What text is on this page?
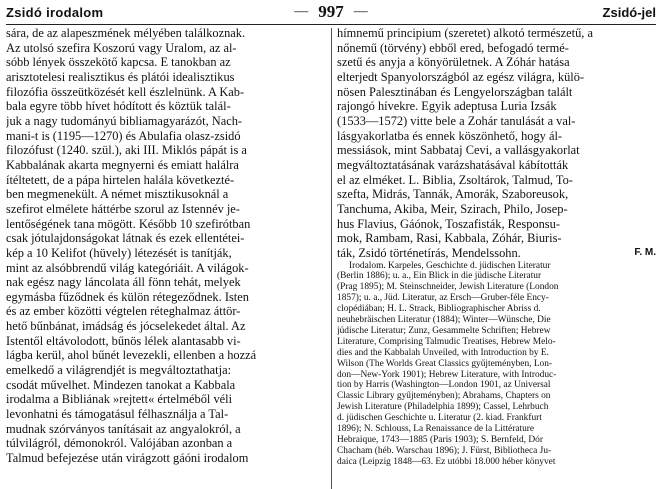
Zsidó irodalom	— 997 —	Zsidó-jel
sára, de az alapeszmének mélyében találkoznak.
Az utolsó szefira Koszorú vagy Uralom, az al-
sóbb lények összekötő kapcsa. E tanokban az
arisztotelesi realisztikus és plátói idealisztikus
filozófia összeütközését kell észlelnünk. A Kab-
bala egyre több hívet hódított és köztük talál-
juk a nagy tudományú bibliamagyarázót, Nach-
mani-t is (1195—1270) és Abulafia olasz-zsidó
filozófust (1240. szül.), aki III. Miklós pápát is a
Kabbalának akarta megnyerni és emiatt halálra
ítéltetett, de a pápa hirtelen halála következté-
ben megmenekült. A német misztikusoknál a
szefirot elmélete háttérbe szorul az Istennév je-
lentőségének tana mögött. Később 10 szefirótban
csak jótulajdonságokat látnak és ezek ellentétei-
kép a 10 Kelifot (hüvely) létezését is tanítják,
mint az alsóbbrendű világ kategóriáit. A világok-
nak egész nagy láncolata áll fönn tehát, melyek
egymásba fűződnek és külön rétegeződnek. Isten
és az ember közötti végtelen réteghalmaz áttör-
hető bűnbánat, imádság és jócselekedet által. Az
Istentől eltávolodott, bűnös lélek alantasabb vi-
lágba kerül, ahol bűnét levezekli, ellenben a hozzá
emelkedő a világrendjét is megváltoztathatja:
csodát művelhet. Mindezen tanokat a Kabbala
irodalma a Bibliának »rejtett« értelméből véli
levonhatni és támogatásul félhasználja a Tal-
mudnak szórványos tanításait az angyalokról, a
túlvilágról, démonokról. Valójában azonban a
Talmud befejezése után virágzott gáóni irodalom
hímnemű principium (szeretet) alkotó természetű, a
nőnemű (törvény) ebből ered, befogadó termé-
szetű és anyja a könyörületnek. A Zóhár hatása
elterjedt Spanyolországból az egész világra, külö-
nösen Palesztinában és Lengyelországban talált
rajongó hívekre. Egyik adeptusa Luria Izsák
(1533—1572) vitte bele a Zohár tanulását a val-
lásgyakorlatba és ennek köszönhető, hogy ál-
messiások, mint Sabbataj Cevi, a vallásgyakorlat
megváltoztatásának varázshatásával kábították
el az elméket. L. Biblia, Zsoltárok, Talmud, To-
szefta, Midrás, Tannák, Amorák, Szaboreusok,
Tanchuma, Akiba, Meir, Szirach, Philo, Josep-
hus Flavius, Gáónok, Toszafisták, Responsu-
mok, Rambam, Rasi, Kabbala, Zóhár, Biuris-
ták, Zsidó történetírás, Mendelssohn.	F. M.
Irodalom. Karpeles, Geschichte d. jüdischen Literatur
(Berlin 1886); u. a., Ein Blick in die jüdische Literatur
(Prag 1895); M. Steinschneider, Jewish Literature (London
1857); u. a., Jüd. Literatur, az Ersch—Gruber-féle Ency-
clopédiában; H. L. Strack, Bibliographischer Abriss d.
neuhebräischen Literatur (1884); Winter—Wünsche, Die
jüdische Literatur; Zunz, Gesammelte Schriften; Hebrew
Literature, Comprising Talmudic Treatises, Hebrew Melo-
dies and the Kabbalah Unveiled, with Introduction by E.
Wilson (The Worlds Great Classics gyűjteményben, Lon-
don—New-York 1901); Hebrew Literature, with Introduc-
tion by Harris (Washington—London 1901, az Universal
Classic Library gyűjteményben); Abrahams, Chapters on
Jewish Literature (Philadelphia 1899); Cassel, Lehrbuch
d. jüdischen Geschichte u. Literatur (2. kiad. Frankfurt
1896); N. Schlouss, La Renaissance de la Littérature
Hebraique, 1743—1885 (Paris 1903); S. Bernfeld, Dór
Chacham (héb. Warschau 1896); J. Fürst, Bibliotheca Ju-
daica (Leipzig 1848—63. Ez utóbbi 18.000 héber könyvet
